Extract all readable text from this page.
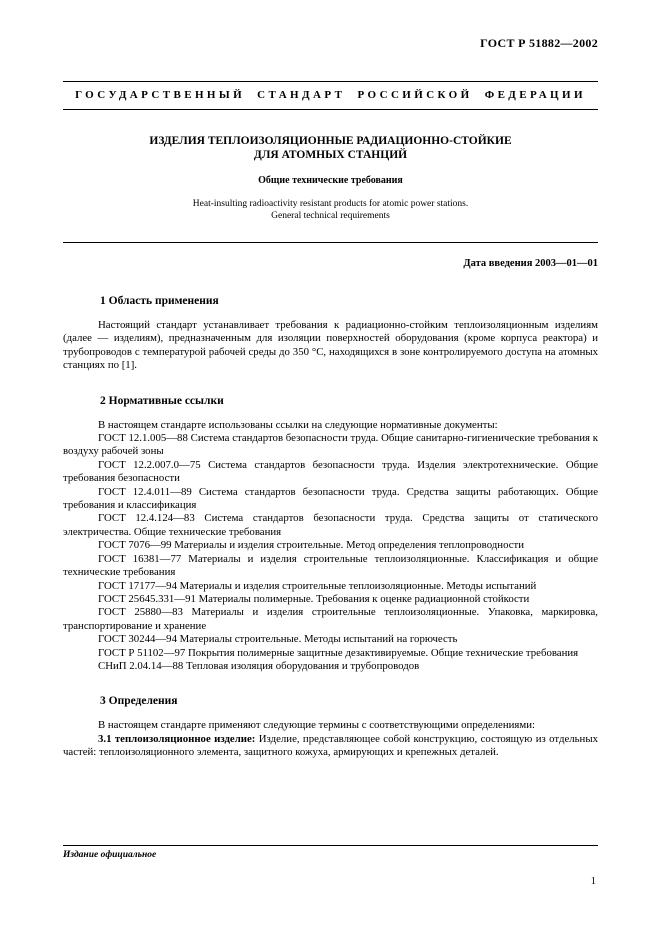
ГОСТ Р 51882—2002
ГОСУДАРСТВЕННЫЙ СТАНДАРТ РОССИЙСКОЙ ФЕДЕРАЦИИ
ИЗДЕЛИЯ ТЕПЛОИЗОЛЯЦИОННЫЕ РАДИАЦИОННО-СТОЙКИЕ
ДЛЯ АТОМНЫХ СТАНЦИЙ
Общие технические требования
Heat-insulting radioactivity resistant products for atomic power stations.
General technical requirements
Дата введения 2003—01—01
1 Область применения

Настоящий стандарт устанавливает требования к радиационно-стойким теплоизоляционным изделиям (далее — изделиям), предназначенным для изоляции поверхностей оборудования (кроме корпуса реактора) и трубопроводов с температурой рабочей среды до 350 °С, находящихся в зоне контролируемого доступа на атомных станциях по [1].

2 Нормативные ссылки

В настоящем стандарте использованы ссылки на следующие нормативные документы:

ГОСТ 12.1.005—88 Система стандартов безопасности труда. Общие санитарно-гигиенические требования к воздуху рабочей зоны

ГОСТ 12.2.007.0—75 Система стандартов безопасности труда. Изделия электротехнические. Общие требования безопасности

ГОСТ 12.4.011—89 Система стандартов безопасности труда. Средства защиты работающих. Общие требования и классификация

ГОСТ 12.4.124—83 Система стандартов безопасности труда. Средства защиты от статического электричества. Общие технические требования

ГОСТ 7076—99 Материалы и изделия строительные. Метод определения теплопроводности

ГОСТ 16381—77 Материалы и изделия строительные теплоизоляционные. Классификация и общие технические требования

ГОСТ 17177—94 Материалы и изделия строительные теплоизоляционные. Методы испытаний

ГОСТ 25645.331—91 Материалы полимерные. Требования к оценке радиационной стойкости

ГОСТ 25880—83 Материалы и изделия строительные теплоизоляционные. Упаковка, маркировка, транспортирование и хранение

ГОСТ 30244—94 Материалы строительные. Методы испытаний на горючесть

ГОСТ Р 51102—97 Покрытия полимерные защитные дезактивируемые. Общие технические требования

СНиП 2.04.14—88 Тепловая изоляция оборудования и трубопроводов

3 Определения

В настоящем стандарте применяют следующие термины с соответствующими определениями:

3.1 теплоизоляционное изделие: Изделие, представляющее собой конструкцию, состоящую из отдельных частей: теплоизоляционного элемента, защитного кожуха, армирующих и крепежных деталей.

Издание официальное
1
